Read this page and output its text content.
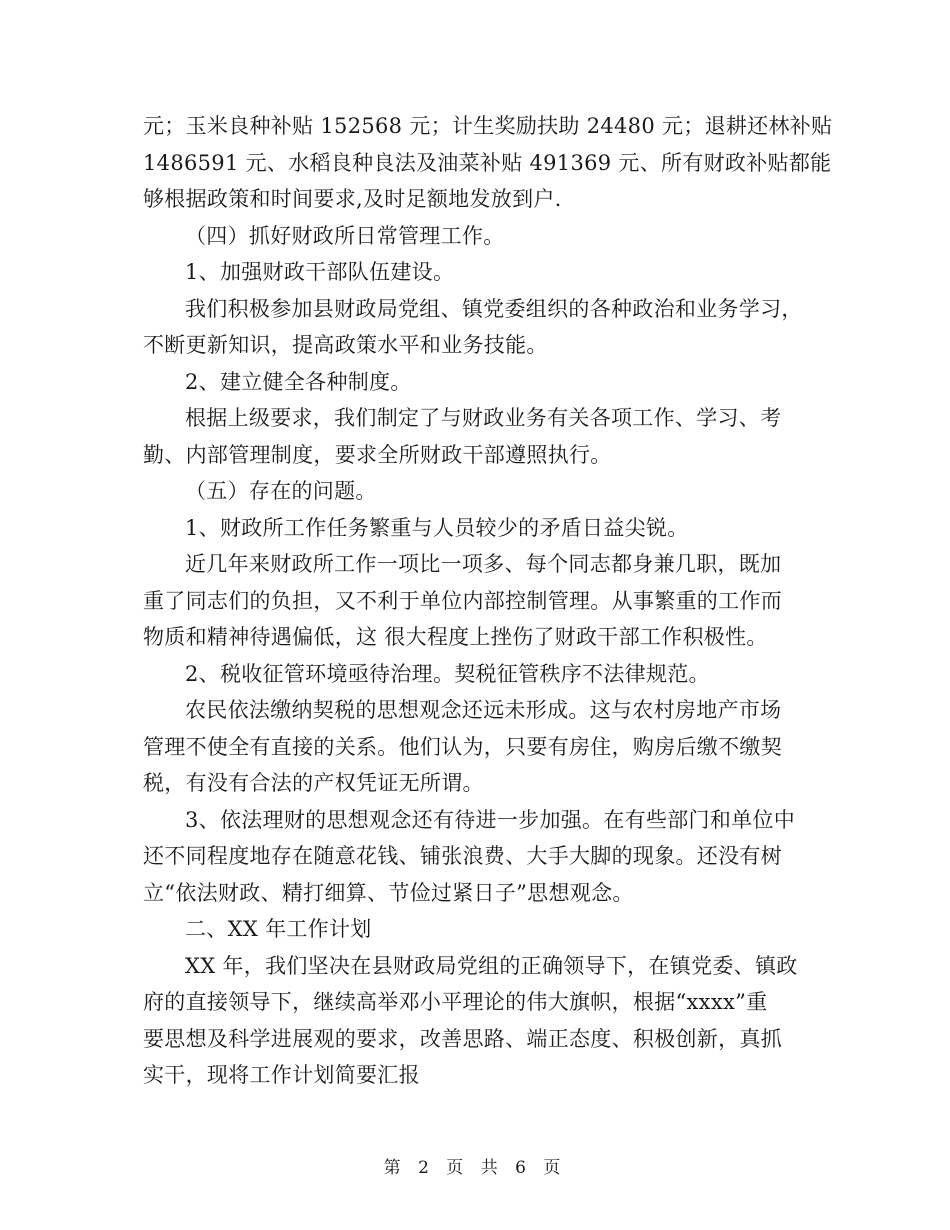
元；玉米良种补贴 152568 元；计生奖励扶助 24480 元；退耕还林补贴
1486591 元、水稻良种良法及油菜补贴 491369 元、所有财政补贴都能
够根据政策和时间要求,及时足额地发放到户.
（四）抓好财政所日常管理工作。
1、加强财政干部队伍建设。
我们积极参加县财政局党组、镇党委组织的各种政治和业务学习，
不断更新知识，提高政策水平和业务技能。
2、建立健全各种制度。
根据上级要求，我们制定了与财政业务有关各项工作、学习、考
勤、内部管理制度，要求全所财政干部遵照执行。
（五）存在的问题。
1、财政所工作任务繁重与人员较少的矛盾日益尖锐。
近几年来财政所工作一项比一项多、每个同志都身兼几职，既加
重了同志们的负担，又不利于单位内部控制管理。从事繁重的工作而
物质和精神待遇偏低，这 很大程度上挫伤了财政干部工作积极性。
2、税收征管环境亟待治理。契税征管秩序不法律规范。
农民依法缴纳契税的思想观念还远未形成。这与农村房地产市场
管理不使全有直接的关系。他们认为，只要有房住，购房后缴不缴契
税，有没有合法的产权凭证无所谓。
3、依法理财的思想观念还有待进一步加强。在有些部门和单位中
还不同程度地存在随意花钱、铺张浪费、大手大脚的现象。还没有树
立“依法财政、精打细算、节俭过紧日子”思想观念。
二、XX 年工作计划
XX 年，我们坚决在县财政局党组的正确领导下，在镇党委、镇政
府的直接领导下，继续高举邓小平理论的伟大旗帜，根据“xxxx”重
要思想及科学进展观的要求，改善思路、端正态度、积极创新，真抓
实干，现将工作计划简要汇报
第 2 页 共 6 页
